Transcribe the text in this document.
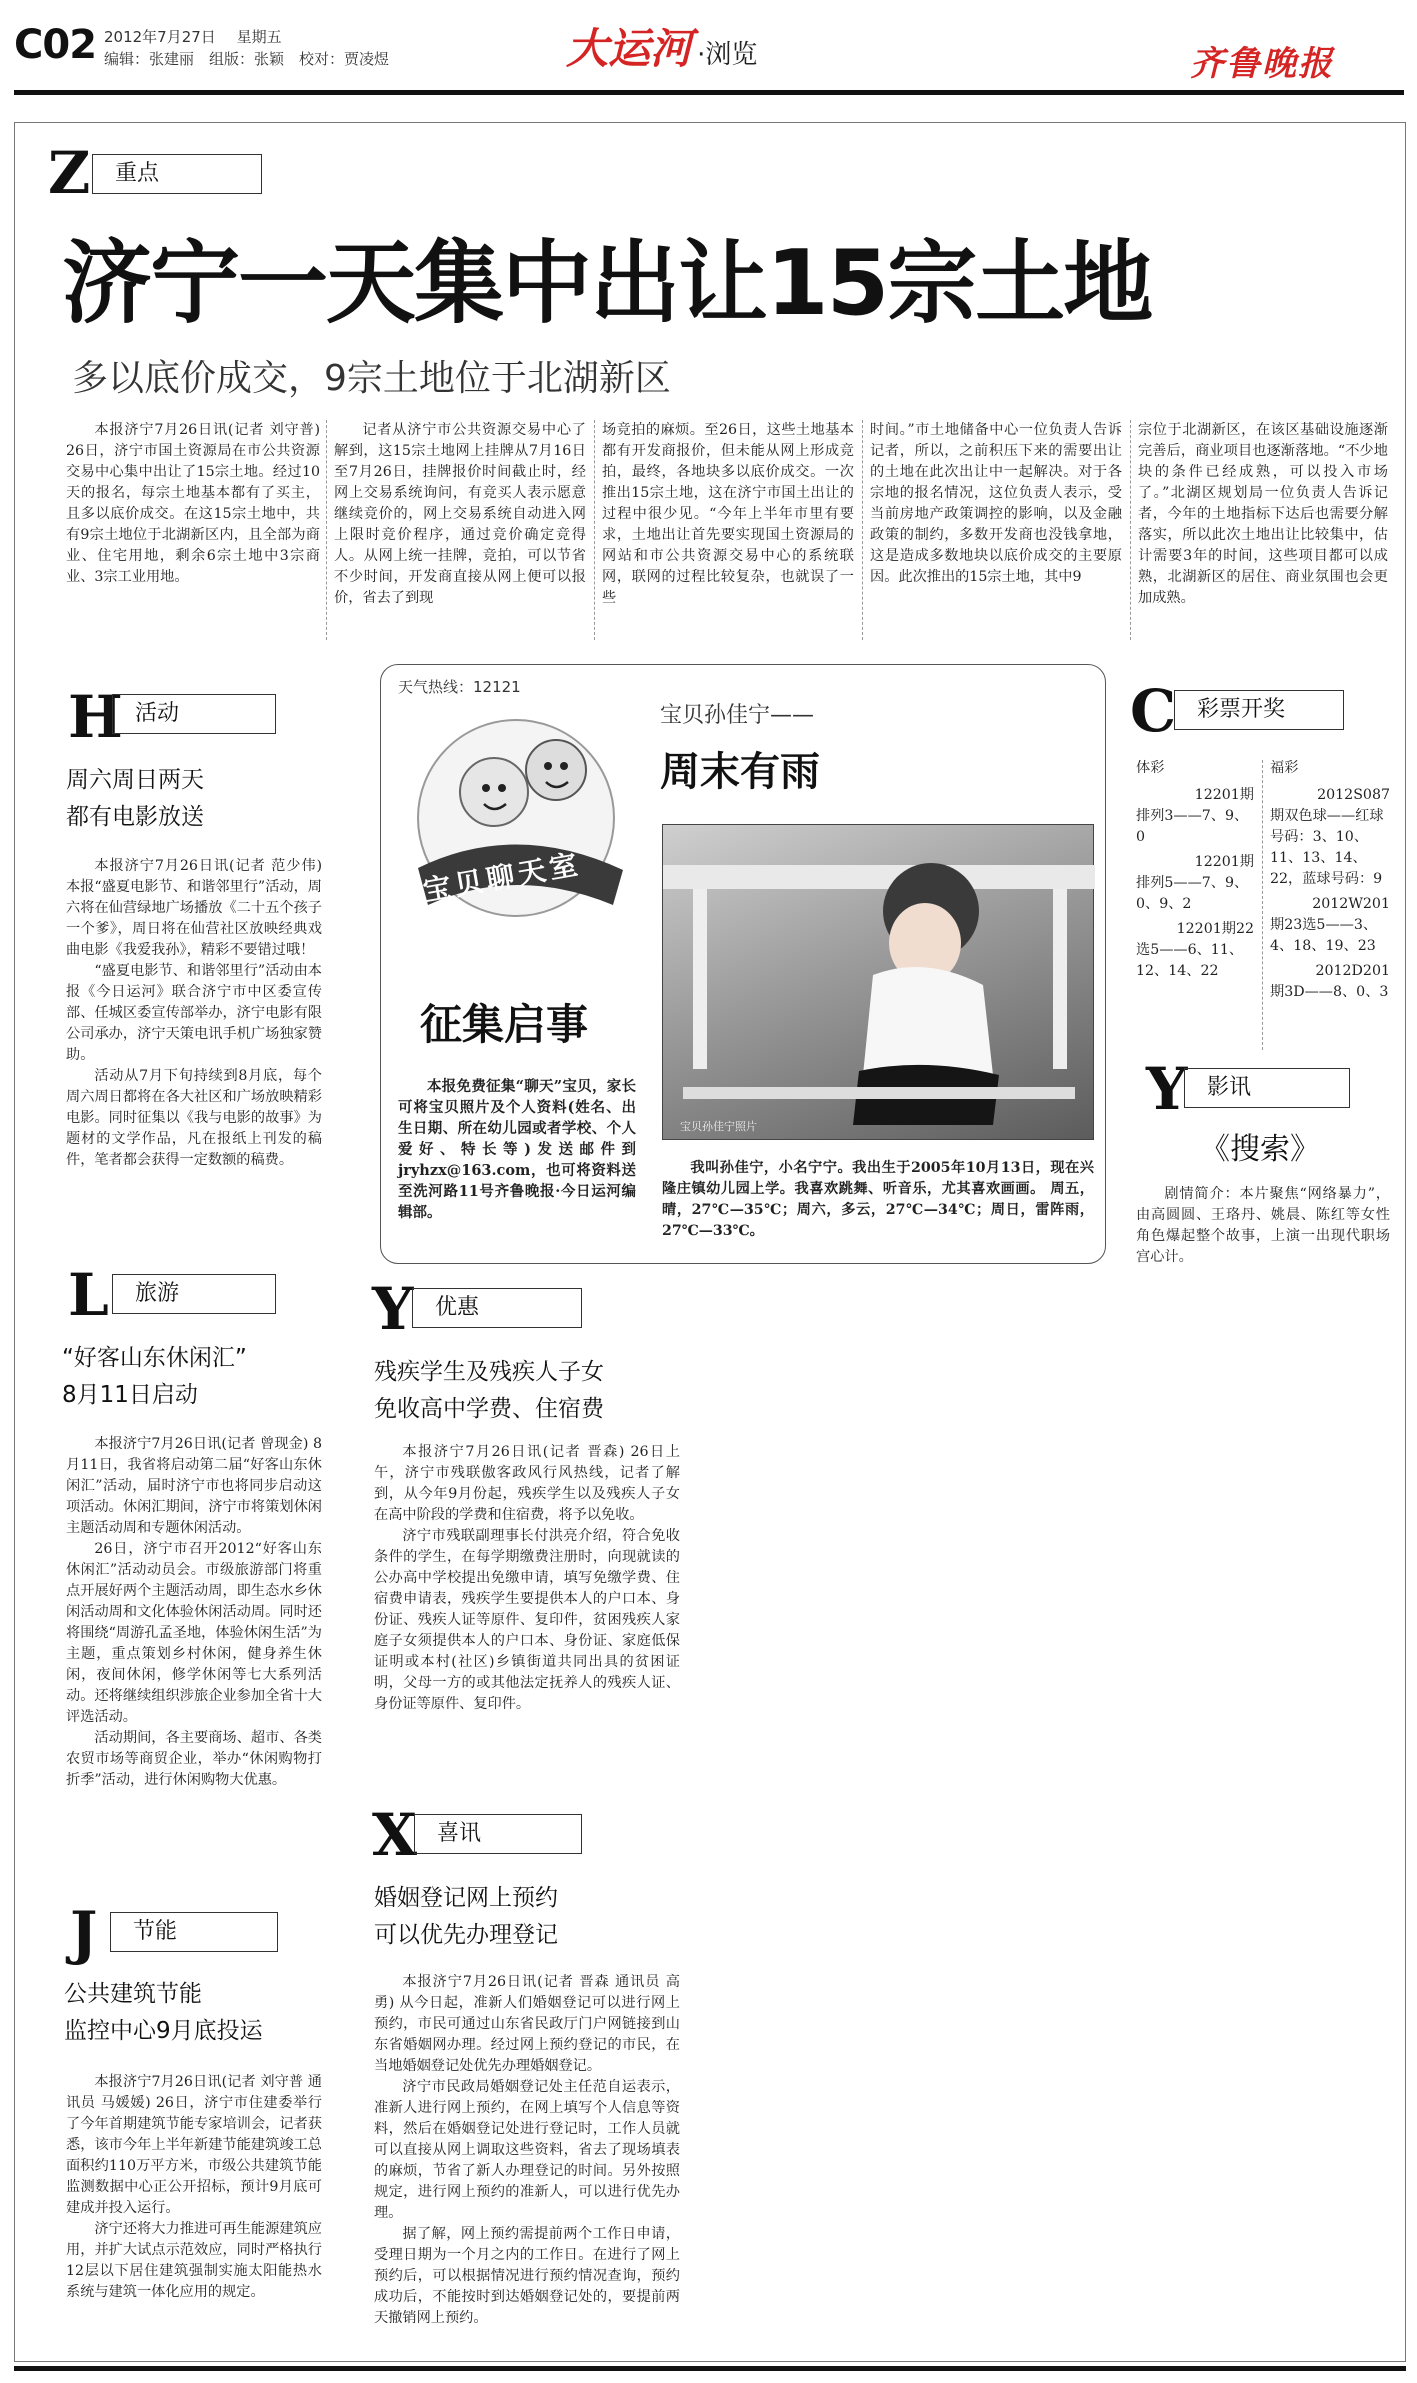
C02 2012年7月27日 星期五
编辑：张建丽　组版：张颖　校对：贾凌煜	大运河 ·浏览	齐鲁晚报
Z	重点
济宁一天集中出让15宗土地
多以底价成交，9宗土地位于北湖新区
本报济宁7月26日讯(记者 刘守普) 26日，济宁市国土资源局在市公共资源交易中心集中出让了15宗土地。经过10天的报名，每宗土地基本都有了买主，且多以底价成交。在这15宗土地中，共有9宗土地位于北湖新区内，且全部为商业、住宅用地，剩余6宗土地中3宗商业、3宗工业用地。
记者从济宁市公共资源交易中心了解到，这15宗土地网上挂牌从7月16日至7月26日，挂牌报价时间截止时，经网上交易系统询问，有竞买人表示愿意继续竞价的，网上交易系统自动进入网上限时竞价程序，通过竞价确定竞得人。从网上统一挂牌，竞拍，可以节省不少时间，开发商直接从网上便可以报价，省去了到现
场竞拍的麻烦。至26日，这些土地基本都有开发商报价，但未能从网上形成竞拍，最终，各地块多以底价成交。一次推出15宗土地，这在济宁市国土出让的过程中很少见。“今年上半年市里有要求，土地出让首先要实现国土资源局的网站和市公共资源交易中心的系统联网，联网的过程比较复杂，也就误了一些
时间。”市土地储备中心一位负责人告诉记者，所以，之前积压下来的需要出让的土地在此次出让中一起解决。对于各宗地的报名情况，这位负责人表示，受当前房地产政策调控的影响，以及金融政策的制约，多数开发商也没钱拿地，这是造成多数地块以底价成交的主要原因。此次推出的15宗土地，其中9
宗位于北湖新区，在该区基础设施逐渐完善后，商业项目也逐渐落地。“不少地块的条件已经成熟，可以投入市场了。”北湖区规划局一位负责人告诉记者，今年的土地指标下达后也需要分解落实，所以此次土地出让比较集中，估计需要3年的时间，这些项目都可以成熟，北湖新区的居住、商业氛围也会更加成熟。
H 活动
周六周日两天
都有电影放送

本报济宁7月26日讯(记者 范少伟) 本报“盛夏电影节、和谐邻里行”活动，周六将在仙营绿地广场播放《二十五个孩子一个爹》，周日将在仙营社区放映经典戏曲电影《我爱我孙》，精彩不要错过哦！

“盛夏电影节、和谐邻里行”活动由本报《今日运河》联合济宁市中区委宣传部、任城区委宣传部举办，济宁电影有限公司承办，济宁天策电讯手机广场独家赞助。

活动从7月下旬持续到8月底，每个周六周日都将在各大社区和广场放映精彩电影。同时征集以《我与电影的故事》为题材的文学作品，凡在报纸上刊发的稿件，笔者都会获得一定数额的稿费。

天气热线：12121
宝贝聊天室
征集启事
本报免费征集“聊天”宝贝，家长可将宝贝照片及个人资料(姓名、出生日期、所在幼儿园或者学校、个人爱好、特长等)发送邮件到jryhzx@163.com，也可将资料送至洗河路11号齐鲁晚报·今日运河编辑部。
宝贝孙佳宁——
周末有雨
宝贝孙佳宁照片
我叫孙佳宁，小名宁宁。我出生于2005年10月13日，现在兴隆庄镇幼儿园上学。我喜欢跳舞、听音乐，尤其喜欢画画。 周五，晴，27℃—35℃；周六，多云，27℃—34℃；周日，雷阵雨，27℃—33℃。
C 彩票开奖
体彩
12201期
排列3——7、9、0
12201期
排列5——7、9、0、9、2
12201期22
选5——6、11、12、14、22
福彩
2012S087
期双色球——红球号码：3、10、11、13、14、22，蓝球号码：9
2012W201
期23选5——3、4、18、19、23
2012D201
期3D——8、0、3
Y 影讯
《搜索》
剧情简介：本片聚焦“网络暴力”，由高圆圆、王珞丹、姚晨、陈红等女性角色爆起整个故事，上演一出现代职场宫心计。
L	旅游
“好客山东休闲汇”
8月11日启动

本报济宁7月26日讯(记者 曾现金) 8月11日，我省将启动第二届“好客山东休闲汇”活动，届时济宁市也将同步启动这项活动。休闲汇期间，济宁市将策划休闲主题活动周和专题休闲活动。

26日，济宁市召开2012“好客山东休闲汇”活动动员会。市级旅游部门将重点开展好两个主题活动周，即生态水乡休闲活动周和文化体验休闲活动周。同时还将围绕“周游孔孟圣地，体验休闲生活”为主题，重点策划乡村休闲，健身养生休闲，夜间休闲，修学休闲等七大系列活动。还将继续组织涉旅企业参加全省十大评选活动。

活动期间，各主要商场、超市、各类农贸市场等商贸企业，举办“休闲购物打折季”活动，进行休闲购物大优惠。

Y 优惠
残疾学生及残疾人子女
免收高中学费、住宿费

本报济宁7月26日讯(记者 晋森) 26日上午，济宁市残联傲客政风行风热线，记者了解到，从今年9月份起，残疾学生以及残疾人子女在高中阶段的学费和住宿费，将予以免收。

济宁市残联副理事长付洪亮介绍，符合免收条件的学生，在每学期缴费注册时，向现就读的公办高中学校提出免缴申请，填写免缴学费、住宿费申请表，残疾学生要提供本人的户口本、身份证、残疾人证等原件、复印件，贫困残疾人家庭子女须提供本人的户口本、身份证、家庭低保证明或本村(社区)乡镇街道共同出具的贫困证明，父母一方的或其他法定抚养人的残疾人证、身份证等原件、复印件。

J	节能
公共建筑节能
监控中心9月底投运

本报济宁7月26日讯(记者 刘守普 通讯员 马媛媛) 26日，济宁市住建委举行了今年首期建筑节能专家培训会，记者获悉，该市今年上半年新建节能建筑竣工总面积约110万平方米，市级公共建筑节能监测数据中心正公开招标，预计9月底可建成并投入运行。

济宁还将大力推进可再生能源建筑应用，并扩大试点示范效应，同时严格执行12层以下居住建筑强制实施太阳能热水系统与建筑一体化应用的规定。

X 喜讯
婚姻登记网上预约
可以优先办理登记

本报济宁7月26日讯(记者 晋森 通讯员 高勇) 从今日起，准新人们婚姻登记可以进行网上预约，市民可通过山东省民政厅门户网链接到山东省婚姻网办理。经过网上预约登记的市民，在当地婚姻登记处优先办理婚姻登记。

济宁市民政局婚姻登记处主任范自运表示，准新人进行网上预约，在网上填写个人信息等资料，然后在婚姻登记处进行登记时，工作人员就可以直接从网上调取这些资料，省去了现场填表的麻烦，节省了新人办理登记的时间。另外按照规定，进行网上预约的准新人，可以进行优先办理。

据了解，网上预约需提前两个工作日申请，受理日期为一个月之内的工作日。在进行了网上预约后，可以根据情况进行预约情况查询，预约成功后，不能按时到达婚姻登记处的，要提前两天撤销网上预约。
